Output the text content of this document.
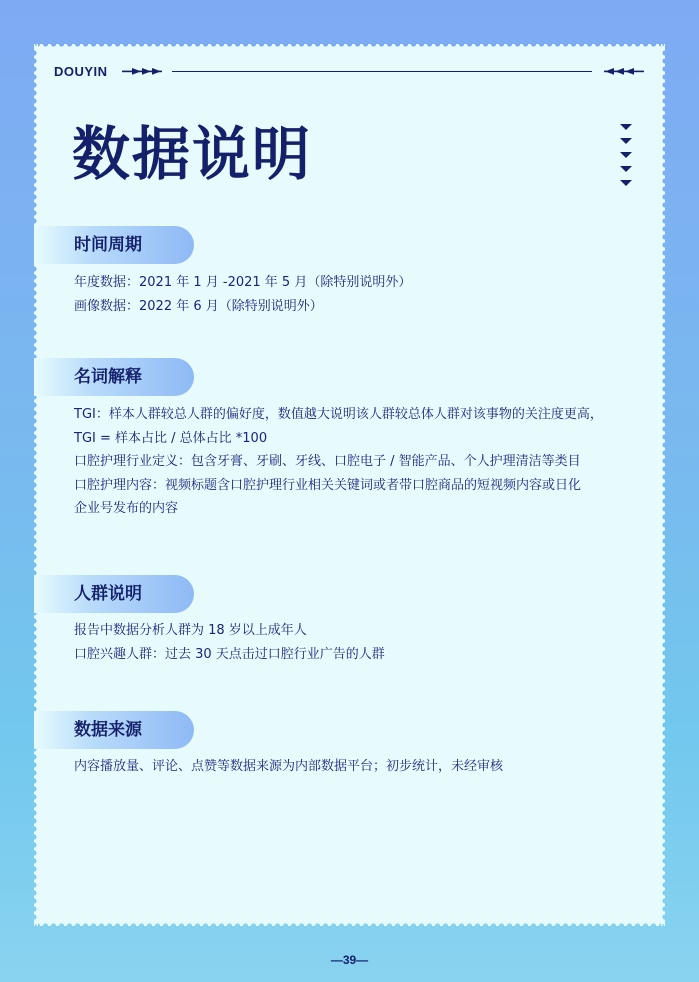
DOUYIN
数据说明
时间周期

年度数据：2021 年 1 月 -2021 年 5 月（除特别说明外）

画像数据：2022 年 6 月（除特别说明外）

名词解释

TGI：样本人群较总人群的偏好度，数值越大说明该人群较总体人群对该事物的关注度更高，

TGI = 样本占比 / 总体占比 *100

口腔护理行业定义：包含牙膏、牙刷、牙线、口腔电子 / 智能产品、个人护理清洁等类目

口腔护理内容：视频标题含口腔护理行业相关关键词或者带口腔商品的短视频内容或日化

企业号发布的内容

人群说明

报告中数据分析人群为 18 岁以上成年人

口腔兴趣人群：过去 30 天点击过口腔行业广告的人群

数据来源

内容播放量、评论、点赞等数据来源为内部数据平台；初步统计，未经审核

—39—
